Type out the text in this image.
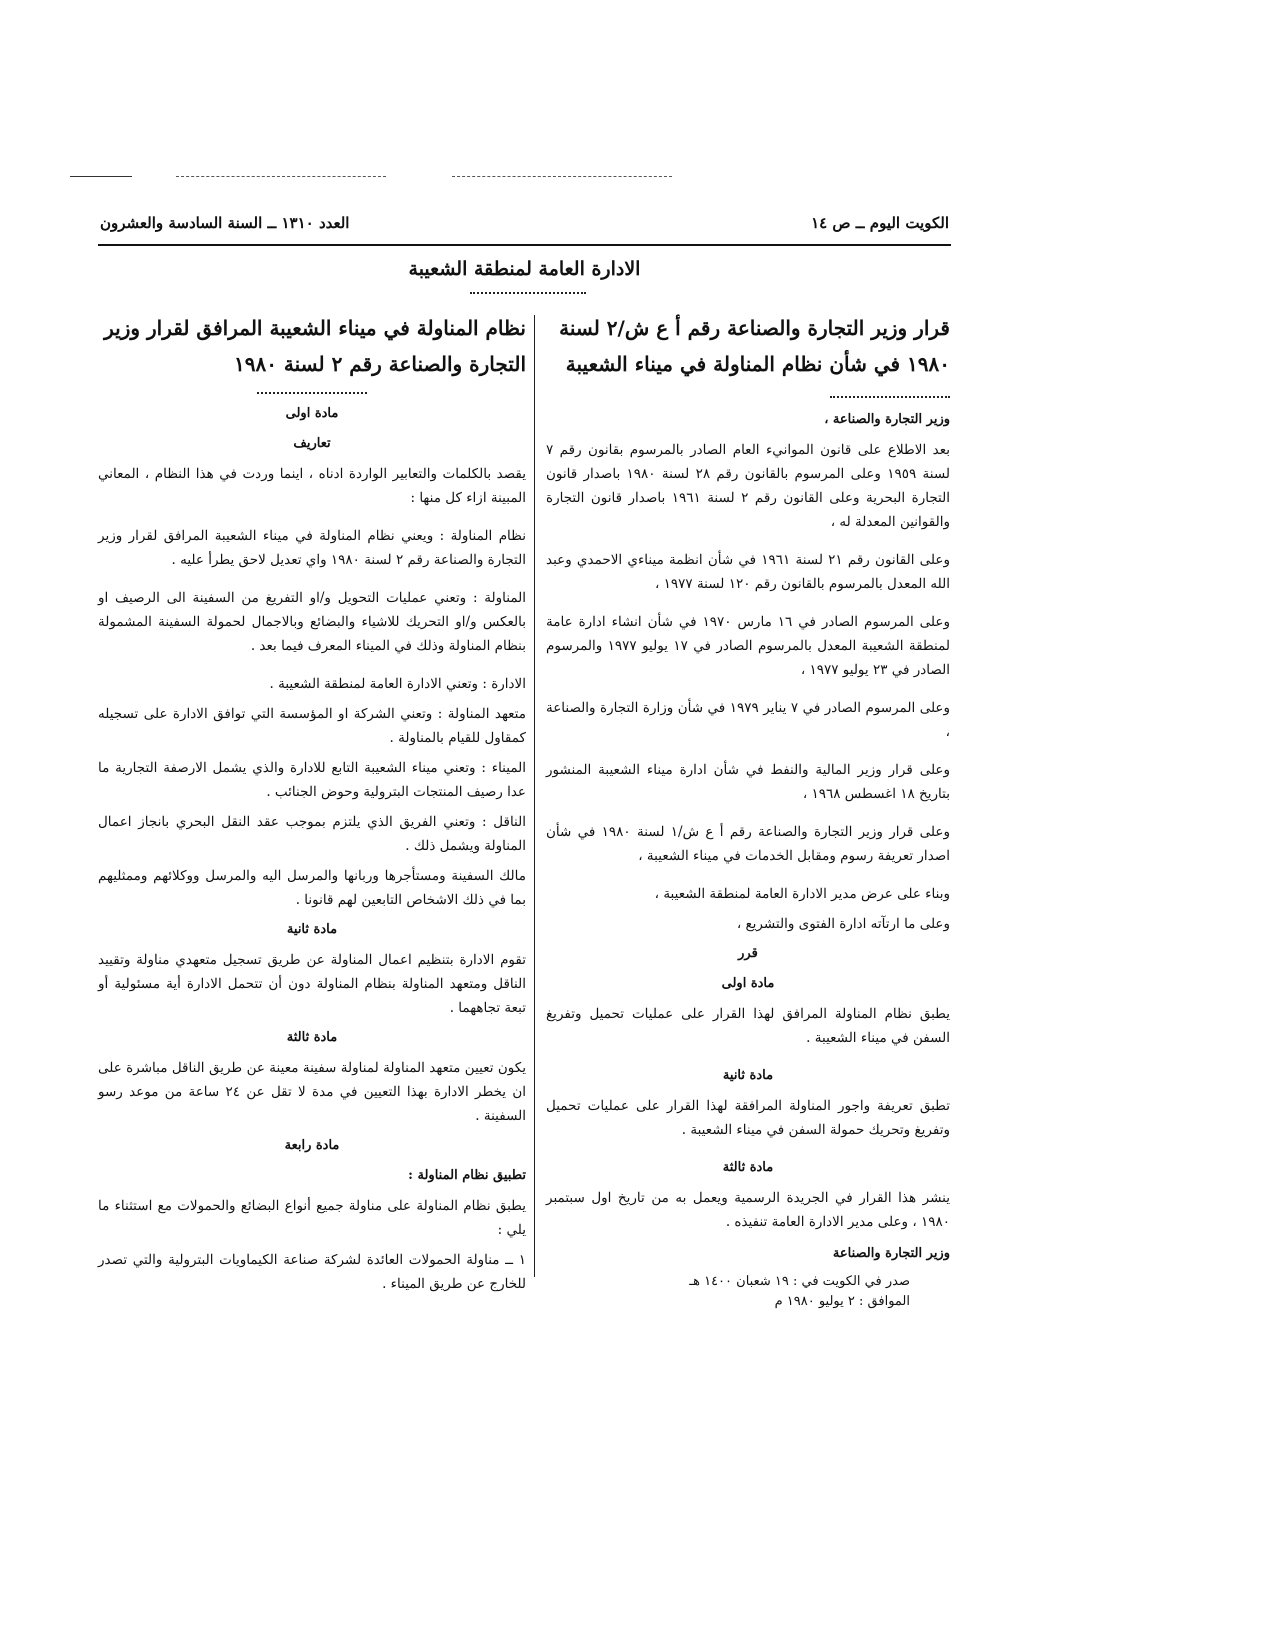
العدد ١٣١٠ ــ السنة السادسة والعشرون	الكويت اليوم ــ ص ١٤
الادارة العامة لمنطقة الشعيبة
قرار وزير التجارة والصناعة رقم أ ع ش/٢ لسنة ١٩٨٠ في شأن نظام المناولة في ميناء الشعيبة
وزير التجارة والصناعة ،
بعد الاطلاع على قانون الموانيء العام الصادر بالمرسوم بقانون رقم ٧ لسنة ١٩٥٩ وعلى المرسوم بالقانون رقم ٢٨ لسنة ١٩٨٠ باصدار قانون التجارة البحرية وعلى القانون رقم ٢ لسنة ١٩٦١ باصدار قانون التجارة والقوانين المعدلة له ،
وعلى القانون رقم ٢١ لسنة ١٩٦١ في شأن انظمة ميناءي الاحمدي وعبد الله المعدل بالمرسوم بالقانون رقم ١٢٠ لسنة ١٩٧٧ ،
وعلى المرسوم الصادر في ١٦ مارس ١٩٧٠ في شأن انشاء ادارة عامة لمنطقة الشعيبة المعدل بالمرسوم الصادر في ١٧ يوليو ١٩٧٧ والمرسوم الصادر في ٢٣ يوليو ١٩٧٧ ،
وعلى المرسوم الصادر في ٧ يناير ١٩٧٩ في شأن وزارة التجارة والصناعة ،
وعلى قرار وزير المالية والنفط في شأن ادارة ميناء الشعيبة المنشور بتاريخ ١٨ اغسطس ١٩٦٨ ،
وعلى قرار وزير التجارة والصناعة رقم أ ع ش/١ لسنة ١٩٨٠ في شأن اصدار تعريفة رسوم ومقابل الخدمات في ميناء الشعيبة ،
وبناء على عرض مدير الادارة العامة لمنطقة الشعيبة ،
وعلى ما ارتآته ادارة الفتوى والتشريع ،
قرر
مادة اولى
يطبق نظام المناولة المرافق لهذا القرار على عمليات تحميل وتفريغ السفن في ميناء الشعيبة .
مادة ثانية
تطبق تعريفة واجور المناولة المرافقة لهذا القرار على عمليات تحميل وتفريغ وتحريك حمولة السفن في ميناء الشعيبة .
مادة ثالثة
ينشر هذا القرار في الجريدة الرسمية ويعمل به من تاريخ اول سبتمبر ١٩٨٠ ، وعلى مدير الادارة العامة تنفيذه .
وزير التجارة والصناعة
صدر في الكويت في : ١٩ شعبان ١٤٠٠ هـ
الموافق : ٢ يوليو ١٩٨٠ م
نظام المناولة في ميناء الشعيبة المرافق لقرار وزير التجارة والصناعة رقم ٢ لسنة ١٩٨٠
مادة اولى
تعاريف
يقصد بالكلمات والتعابير الواردة ادناه ، اينما وردت في هذا النظام ، المعاني المبينة ازاء كل منها :
نظام المناولة : ويعني نظام المناولة في ميناء الشعيبة المرافق لقرار وزير التجارة والصناعة رقم ٢ لسنة ١٩٨٠ واي تعديل لاحق يطرأ عليه .
المناولة : وتعني عمليات التحويل و/او التفريغ من السفينة الى الرصيف او بالعكس و/او التحريك للاشياء والبضائع وبالاجمال لحمولة السفينة المشمولة بنظام المناولة وذلك في الميناء المعرف فيما بعد .
الادارة : وتعني الادارة العامة لمنطقة الشعيبة .
متعهد المناولة : وتعني الشركة او المؤسسة التي توافق الادارة على تسجيله كمقاول للقيام بالمناولة .
الميناء : وتعني ميناء الشعيبة التابع للادارة والذي يشمل الارصفة التجارية ما عدا رصيف المنتجات البترولية وحوض الجنائب .
الناقل : وتعني الفريق الذي يلتزم بموجب عقد النقل البحري بانجاز اعمال المناولة ويشمل ذلك .
مالك السفينة ومستأجرها وربانها والمرسل اليه والمرسل ووكلائهم وممثليهم بما في ذلك الاشخاص التابعين لهم قانونا .
مادة ثانية
تقوم الادارة بتنظيم اعمال المناولة عن طريق تسجيل متعهدي مناولة وتقييد الناقل ومتعهد المناولة بنظام المناولة دون أن تتحمل الادارة أية مسئولية أو تبعة تجاههما .
مادة ثالثة
يكون تعيين متعهد المناولة لمناولة سفينة معينة عن طريق الناقل مباشرة على ان يخطر الادارة بهذا التعيين في مدة لا تقل عن ٢٤ ساعة من موعد رسو السفينة .
مادة رابعة
تطبيق نظام المناولة :
يطبق نظام المناولة على مناولة جميع أنواع البضائع والحمولات مع استثناء ما يلي :
١ ــ مناولة الحمولات العائدة لشركة صناعة الكيماويات البترولية والتي تصدر للخارج عن طريق الميناء .
